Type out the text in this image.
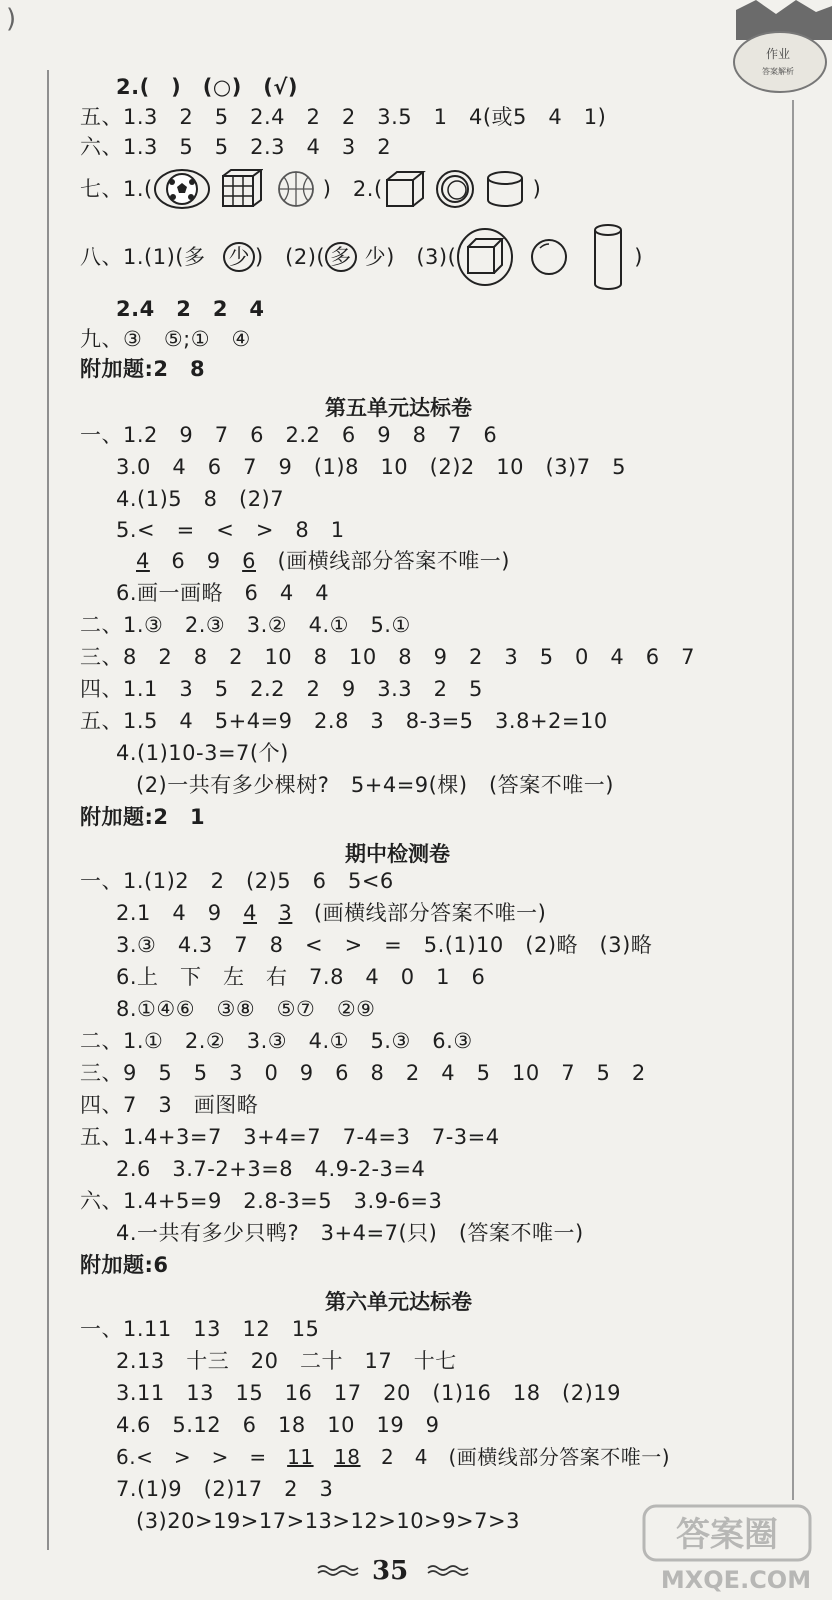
)
作业
答案解析
2.(　)　(○)　(√)
五、1.3　2　5　2.4　2　2　3.5　1　4(或5　4　1)
六、1.3　5　5　2.3　4　3　2
七、1.(	)　2.(	)
八、1.(1)(多 少 )　(2)( 多 少)　(3)(	)
2.4　2　2　4
九、③　⑤;①　④
附加题:2　8
第五单元达标卷
一、1.2　9　7　6　2.2　6　9　8　7　6
3.0　4　6　7　9　(1)8　10　(2)2　10　(3)7　5
4.(1)5　8　(2)7
5.<　=　<　>　8　1
4　 6　 9　 6　 (画横线部分答案不唯一)
6.画一画略　6　4　4
二、1.③　2.③　3.②　4.①　5.①
三、8　2　8　2　10　8　10　8　9　2　3　5　0　4　6　7
四、1.1　3　5　2.2　2　9　3.3　2　5
五、1.5　4　5+4=9　2.8　3　8-3=5　3.8+2=10
4.(1)10-3=7(个)
(2)一共有多少棵树?　5+4=9(棵)　(答案不唯一)
附加题:2　1
期中检测卷
一、1.(1)2　2　(2)5　6　5<6
2.1　4　9　 4　 3　 (画横线部分答案不唯一)
3.③　4.3　7　8　<　>　=　5.(1)10　(2)略　(3)略
6.上　下　左　右　7.8　4　0　1　6
8.①④⑥　③⑧　⑤⑦　②⑨
二、1.①　2.②　3.③　4.①　5.③　6.③
三、9　5　5　3　0　9　6　8　2　4　5　10　7　5　2
四、7　3　画图略
五、1.4+3=7　3+4=7　7-4=3　7-3=4
2.6　3.7-2+3=8　4.9-2-3=4
六、1.4+5=9　2.8-3=5　3.9-6=3
4.一共有多少只鸭?　3+4=7(只)　(答案不唯一)
附加题:6
第六单元达标卷
一、1.11　13　12　15
2.13　十三　20　二十　17　十七
3.11　13　15　16　17　20　(1)16　18　(2)19
4.6　5.12　6　18　10　19　9
6.<　>　>　=　 11　 18　 2　4　(画横线部分答案不唯一)
7.(1)9　(2)17　2　3
(3)20>19>17>13>12>10>9>7>3	答案圈
MXQE.COM
35
